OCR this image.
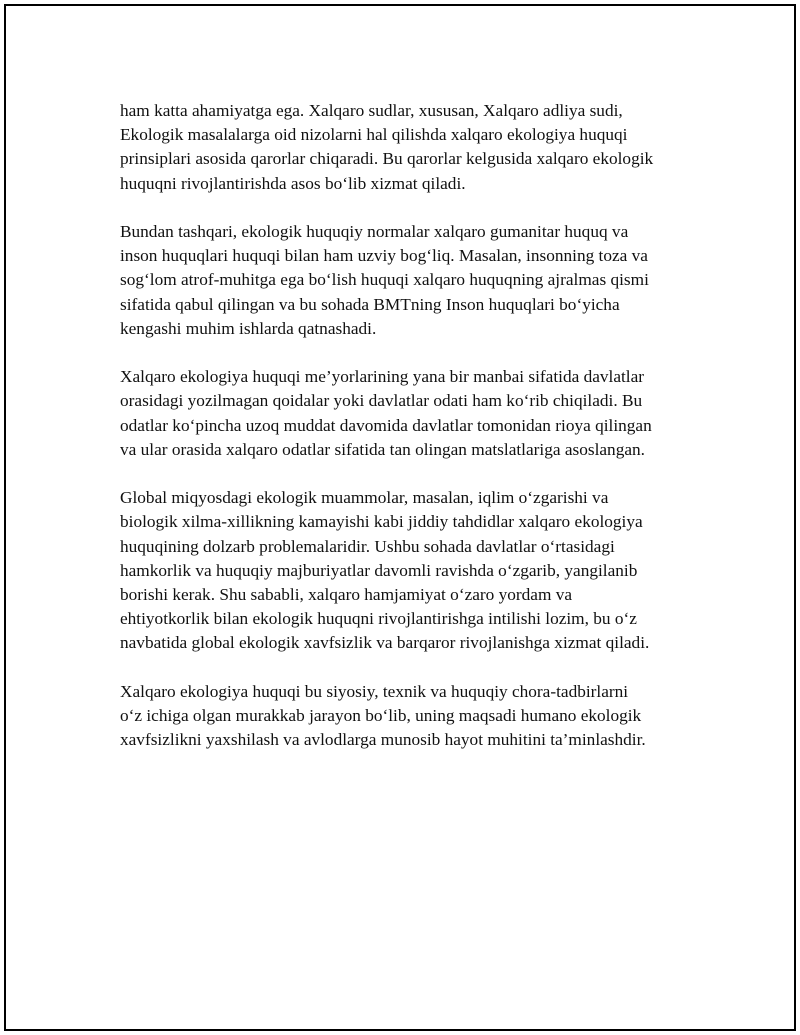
ham katta ahamiyatga ega. Xalqaro sudlar, xususan, Xalqaro adliya sudi,
Ekologik masalalarga oid nizolarni hal qilishda xalqaro ekologiya huquqi
prinsiplari asosida qarorlar chiqaradi. Bu qarorlar kelgusida xalqaro ekologik
huquqni rivojlantirishda asos bo‘lib xizmat qiladi.

Bundan tashqari, ekologik huquqiy normalar xalqaro gumanitar huquq va
inson huquqlari huquqi bilan ham uzviy bog‘liq. Masalan, insonning toza va
sog‘lom atrof-muhitga ega bo‘lish huquqi xalqaro huquqning ajralmas qismi
sifatida qabul qilingan va bu sohada BMTning Inson huquqlari bo‘yicha
kengashi muhim ishlarda qatnashadi.

Xalqaro ekologiya huquqi me’yorlarining yana bir manbai sifatida davlatlar
orasidagi yozilmagan qoidalar yoki davlatlar odati ham ko‘rib chiqiladi. Bu
odatlar ko‘pincha uzoq muddat davomida davlatlar tomonidan rioya qilingan
va ular orasida xalqaro odatlar sifatida tan olingan matslatlariga asoslangan.

Global miqyosdagi ekologik muammolar, masalan, iqlim o‘zgarishi va
biologik xilma-xillikning kamayishi kabi jiddiy tahdidlar xalqaro ekologiya
huquqining dolzarb problemalaridir. Ushbu sohada davlatlar o‘rtasidagi
hamkorlik va huquqiy majburiyatlar davomli ravishda o‘zgarib, yangilanib
borishi kerak. Shu sababli, xalqaro hamjamiyat o‘zaro yordam va
ehtiyotkorlik bilan ekologik huquqni rivojlantirishga intilishi lozim, bu o‘z
navbatida global ekologik xavfsizlik va barqaror rivojlanishga xizmat qiladi.

Xalqaro ekologiya huquqi bu siyosiy, texnik va huquqiy chora-tadbirlarni
o‘z ichiga olgan murakkab jarayon bo‘lib, uning maqsadi humano ekologik
xavfsizlikni yaxshilash va avlodlarga munosib hayot muhitini ta’minlashdir.
